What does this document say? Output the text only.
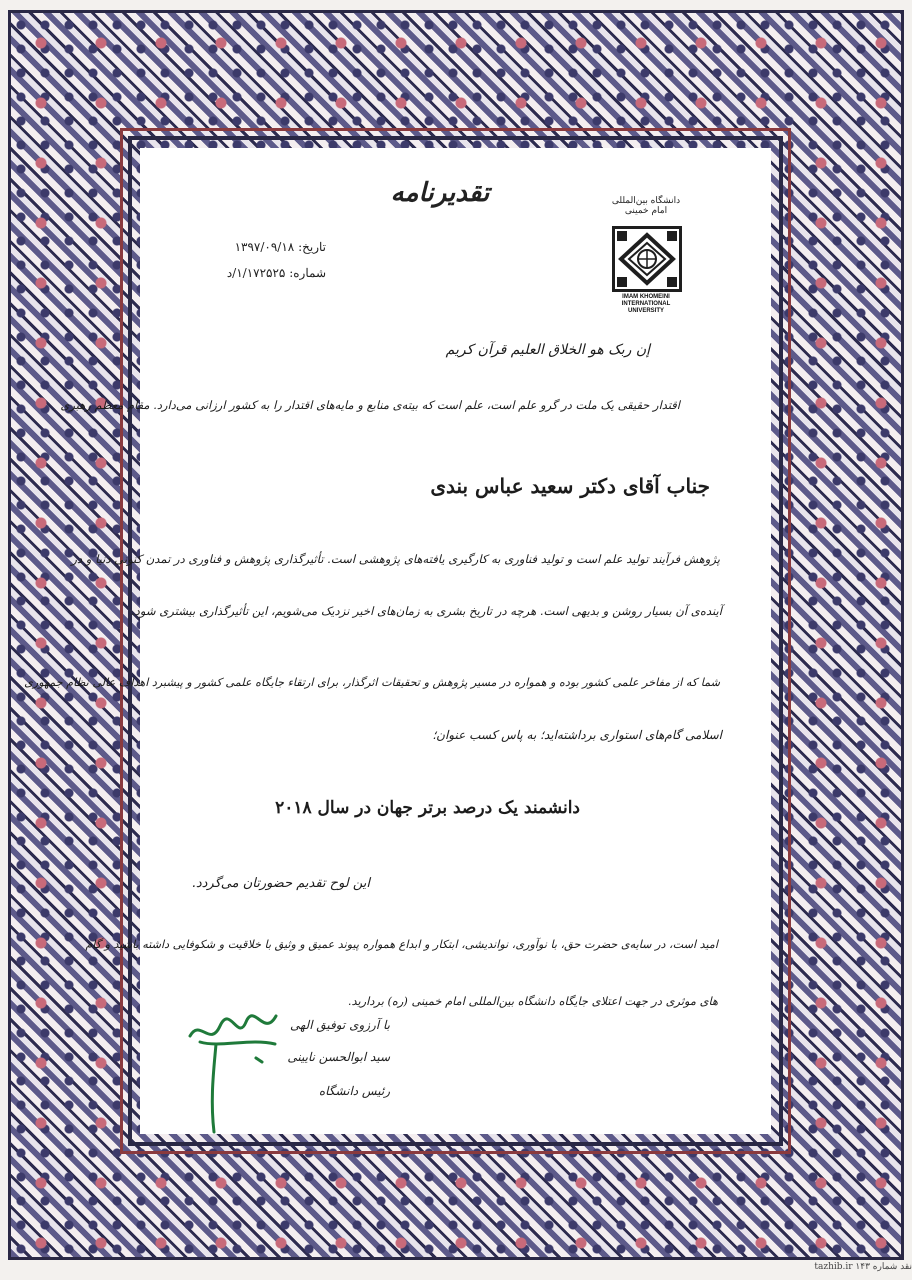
تقدیرنامه	دانشگاه بین‌المللی امام خمینی
IMAM KHOMEINI INTERNATIONAL UNIVERSITY
تاریخ: ۱۳۹۷/۰۹/۱۸
شماره: ۱/۱۷۲۵۲۵/د
إن ربک هو الخلاق العلیم قرآن کریم
اقتدار حقیقی یک ملت در گرو علم است، علم است که بیته‌ی منابع و مایه‌های اقتدار را به کشور ارزانی می‌دارد. مقام معظم رهبری
جناب آقای دکتر سعید عباس بندی
پژوهش فرآیند تولید علم است و تولید فناوری به کارگیری یافته‌های پژوهشی است. تأثیرگذاری پژوهش و فناوری در تمدن کنونی دنیا و در
آینده‌ی آن بسیار روشن و بدیهی است. هرچه در تاریخ بشری به زمان‌های اخیر نزدیک می‌شویم، این تأثیرگذاری بیشتری شود.
شما که از مفاخر علمی کشور بوده و همواره در مسیر پژوهش و تحقیقات اثرگذار، برای ارتقاء جایگاه علمی کشور و پیشبرد اهداف عالی نظام جمهوری
اسلامی گام‌های استواری برداشته‌اید؛ به پاس کسب عنوان؛
دانشمند یک درصد برتر جهان در سال ۲۰۱۸
این لوح تقدیم حضورتان می‌گردد.
امید است، در سایه‌ی حضرت حق، با نوآوری، نواندیشی، ابتکار و ابداع همواره پیوند عمیق و وثیق با خلاقیت و شکوفایی داشته باشید و گام
های موثری در جهت اعتلای جایگاه دانشگاه بین‌المللی امام خمینی (ره) بردارید.
با آرزوی توفیق الهی
سید ابوالحسن نایینی
رئیس دانشگاه
نقد شماره ۱۴۳ tazhib.ir
